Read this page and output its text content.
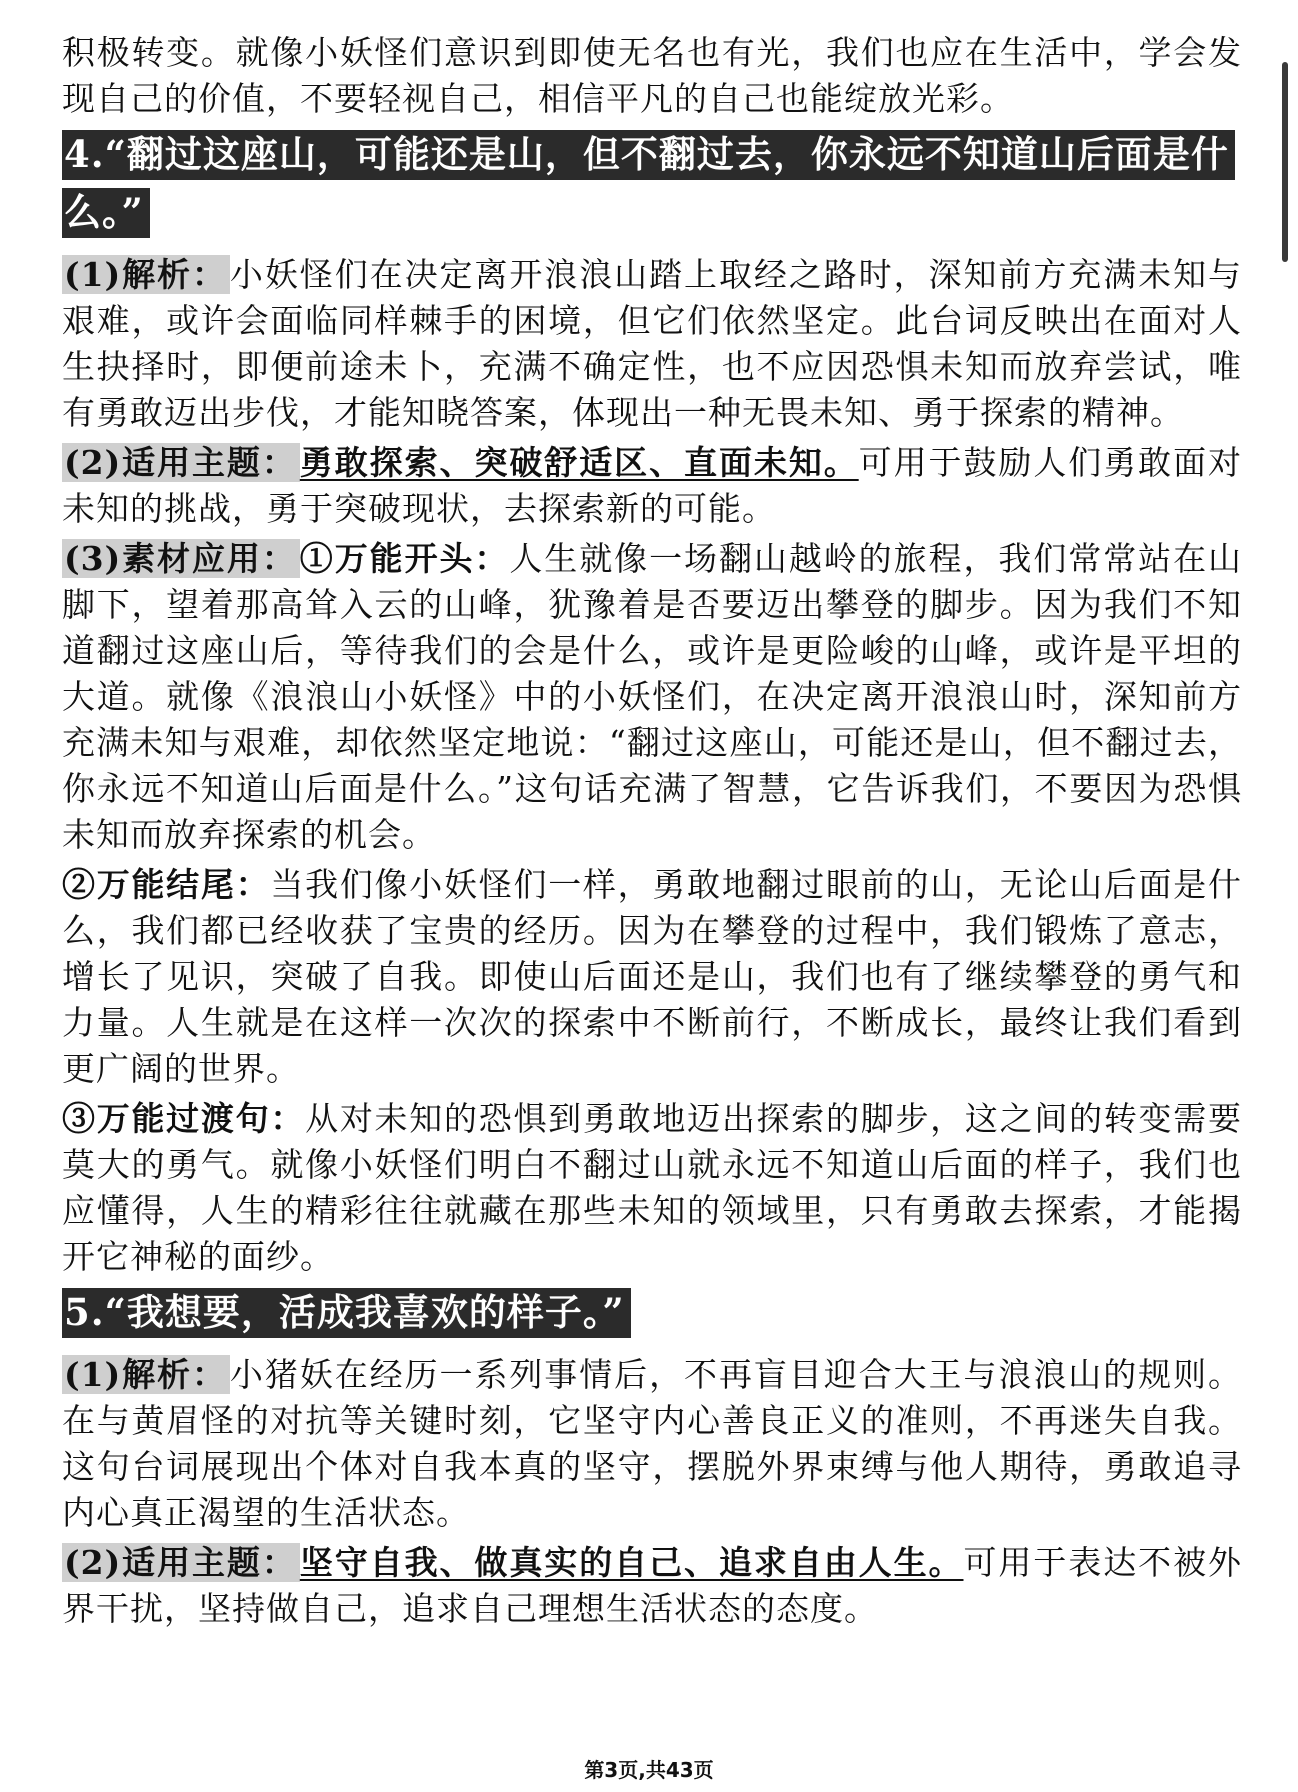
积极转变。就像小妖怪们意识到即使无名也有光，我们也应在生活中，学会发现自己的价值，不要轻视自己，相信平凡的自己也能绽放光彩。

4.“翻过这座山，可能还是山，但不翻过去，你永远不知道山后面是什么。”

(1)解析：小妖怪们在决定离开浪浪山踏上取经之路时，深知前方充满未知与艰难，或许会面临同样棘手的困境，但它们依然坚定。此台词反映出在面对人生抉择时，即便前途未卜，充满不确定性，也不应因恐惧未知而放弃尝试，唯有勇敢迈出步伐，才能知晓答案，体现出一种无畏未知、勇于探索的精神。

(2)适用主题：勇敢探索、突破舒适区、直面未知。可用于鼓励人们勇敢面对未知的挑战，勇于突破现状，去探索新的可能。

(3)素材应用：①万能开头：人生就像一场翻山越岭的旅程，我们常常站在山脚下，望着那高耸入云的山峰，犹豫着是否要迈出攀登的脚步。因为我们不知道翻过这座山后，等待我们的会是什么，或许是更险峻的山峰，或许是平坦的大道。就像《浪浪山小妖怪》中的小妖怪们，在决定离开浪浪山时，深知前方充满未知与艰难，却依然坚定地说：“翻过这座山，可能还是山，但不翻过去，你永远不知道山后面是什么。”这句话充满了智慧，它告诉我们，不要因为恐惧未知而放弃探索的机会。

②万能结尾：当我们像小妖怪们一样，勇敢地翻过眼前的山，无论山后面是什么，我们都已经收获了宝贵的经历。因为在攀登的过程中，我们锻炼了意志，增长了见识，突破了自我。即使山后面还是山，我们也有了继续攀登的勇气和力量。人生就是在这样一次次的探索中不断前行，不断成长，最终让我们看到更广阔的世界。

③万能过渡句：从对未知的恐惧到勇敢地迈出探索的脚步，这之间的转变需要莫大的勇气。就像小妖怪们明白不翻过山就永远不知道山后面的样子，我们也应懂得，人生的精彩往往就藏在那些未知的领域里，只有勇敢去探索，才能揭开它神秘的面纱。

5.“我想要，活成我喜欢的样子。”

(1)解析：小猪妖在经历一系列事情后，不再盲目迎合大王与浪浪山的规则。在与黄眉怪的对抗等关键时刻，它坚守内心善良正义的准则，不再迷失自我。这句台词展现出个体对自我本真的坚守，摆脱外界束缚与他人期待，勇敢追寻内心真正渴望的生活状态。

(2)适用主题：坚守自我、做真实的自己、追求自由人生。可用于表达不被外界干扰，坚持做自己，追求自己理想生活状态的态度。

第3页,共43页
